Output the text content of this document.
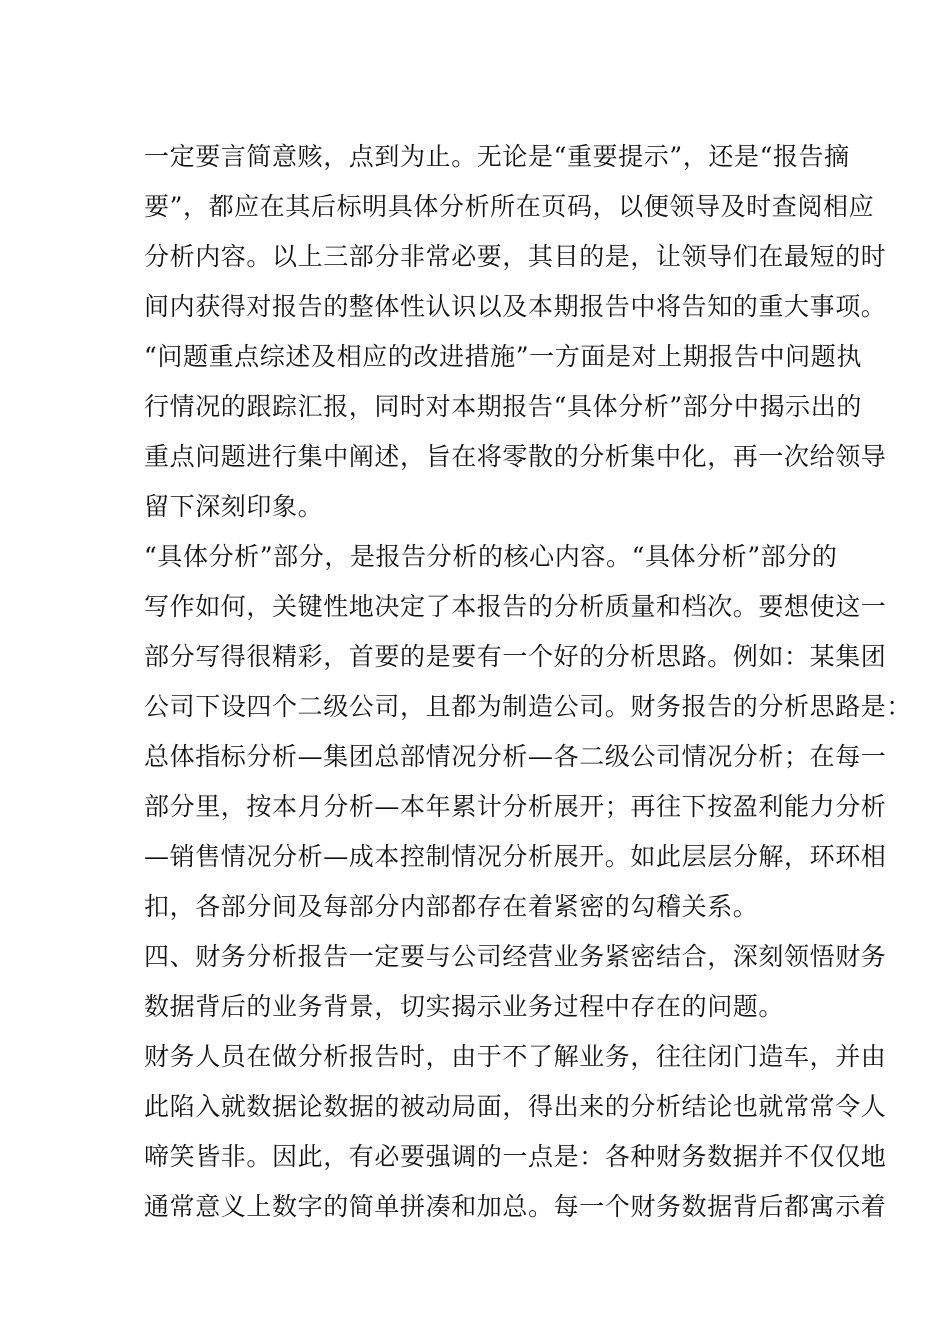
一定要言简意赅，点到为止。无论是“重要提示”，还是“报告摘
要”，都应在其后标明具体分析所在页码，以便领导及时查阅相应
分析内容。以上三部分非常必要，其目的是，让领导们在最短的时
间内获得对报告的整体性认识以及本期报告中将告知的重大事项。
“问题重点综述及相应的改进措施”一方面是对上期报告中问题执
行情况的跟踪汇报，同时对本期报告“具体分析”部分中揭示出的
重点问题进行集中阐述，旨在将零散的分析集中化，再一次给领导
留下深刻印象。
“具体分析”部分，是报告分析的核心内容。“具体分析”部分的
写作如何，关键性地决定了本报告的分析质量和档次。要想使这一
部分写得很精彩，首要的是要有一个好的分析思路。例如：某集团
公司下设四个二级公司，且都为制造公司。财务报告的分析思路是：
总体指标分析—集团总部情况分析—各二级公司情况分析；在每一
部分里，按本月分析—本年累计分析展开；再往下按盈利能力分析
—销售情况分析—成本控制情况分析展开。如此层层分解，环环相
扣，各部分间及每部分内部都存在着紧密的勾稽关系。
四、财务分析报告一定要与公司经营业务紧密结合，深刻领悟财务
数据背后的业务背景，切实揭示业务过程中存在的问题。
财务人员在做分析报告时，由于不了解业务，往往闭门造车，并由
此陷入就数据论数据的被动局面，得出来的分析结论也就常常令人
啼笑皆非。因此，有必要强调的一点是：各种财务数据并不仅仅地
通常意义上数字的简单拼凑和加总。每一个财务数据背后都寓示着
